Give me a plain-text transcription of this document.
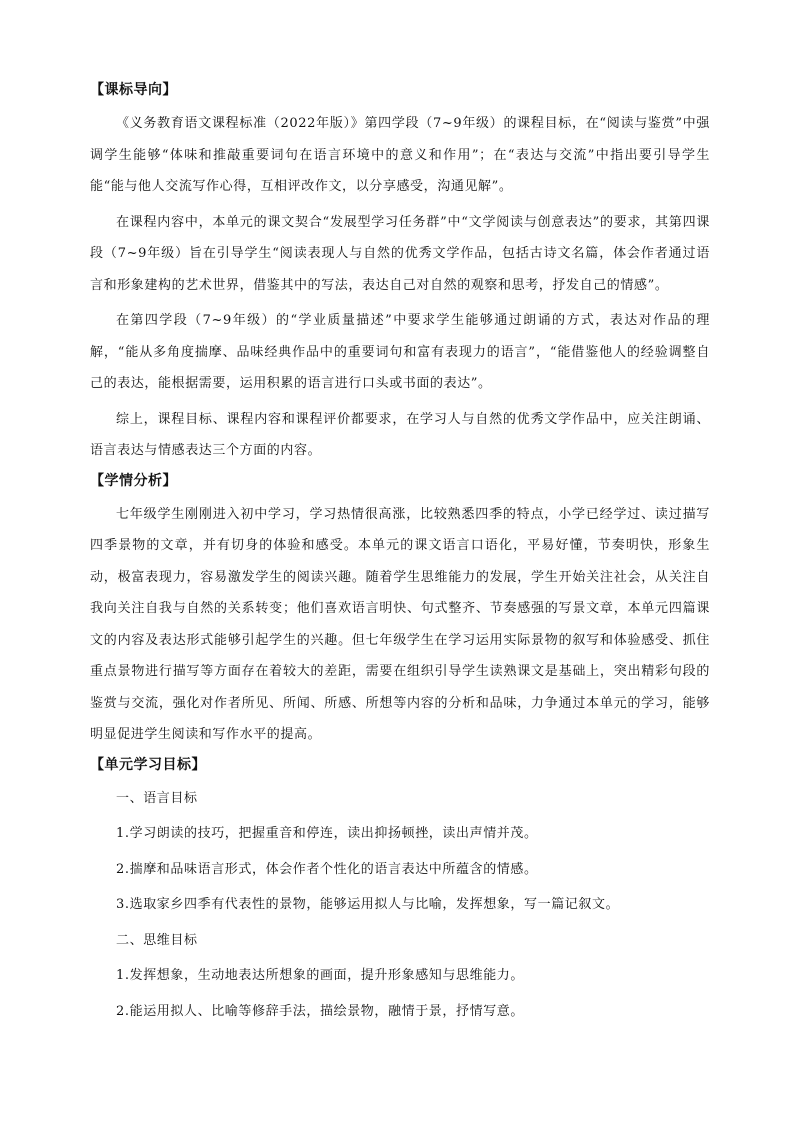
【课标导向】

《义务教育语文课程标准（2022年版）》第四学段（7~9年级）的课程目标，在“阅读与鉴赏”中强调学生能够“体味和推敲重要词句在语言环境中的意义和作用”；在“表达与交流”中指出要引导学生能“能与他人交流写作心得，互相评改作文，以分享感受，沟通见解”。

在课程内容中，本单元的课文契合“发展型学习任务群”中“文学阅读与创意表达”的要求，其第四课段（7~9年级）旨在引导学生“阅读表现人与自然的优秀文学作品，包括古诗文名篇，体会作者通过语言和形象建构的艺术世界，借鉴其中的写法，表达自己对自然的观察和思考，抒发自己的情感”。

在第四学段（7~9年级）的“学业质量描述”中要求学生能够通过朗诵的方式，表达对作品的理解，“能从多角度揣摩、品味经典作品中的重要词句和富有表现力的语言”，“能借鉴他人的经验调整自己的表达，能根据需要，运用积累的语言进行口头或书面的表达”。

综上，课程目标、课程内容和课程评价都要求，在学习人与自然的优秀文学作品中，应关注朗诵、语言表达与情感表达三个方面的内容。

【学情分析】

七年级学生刚刚进入初中学习，学习热情很高涨，比较熟悉四季的特点，小学已经学过、读过描写四季景物的文章，并有切身的体验和感受。本单元的课文语言口语化，平易好懂，节奏明快，形象生动，极富表现力，容易激发学生的阅读兴趣。随着学生思维能力的发展，学生开始关注社会，从关注自我向关注自我与自然的关系转变；他们喜欢语言明快、句式整齐、节奏感强的写景文章，本单元四篇课文的内容及表达形式能够引起学生的兴趣。但七年级学生在学习运用实际景物的叙写和体验感受、抓住重点景物进行描写等方面存在着较大的差距，需要在组织引导学生读熟课文是基础上，突出精彩句段的鉴赏与交流，强化对作者所见、所闻、所感、所想等内容的分析和品味，力争通过本单元的学习，能够明显促进学生阅读和写作水平的提高。

【单元学习目标】

一、语言目标

1.学习朗读的技巧，把握重音和停连，读出抑扬顿挫，读出声情并茂。

2.揣摩和品味语言形式，体会作者个性化的语言表达中所蕴含的情感。

3.选取家乡四季有代表性的景物，能够运用拟人与比喻，发挥想象，写一篇记叙文。

二、思维目标

1.发挥想象，生动地表达所想象的画面，提升形象感知与思维能力。

2.能运用拟人、比喻等修辞手法，描绘景物，融情于景，抒情写意。
